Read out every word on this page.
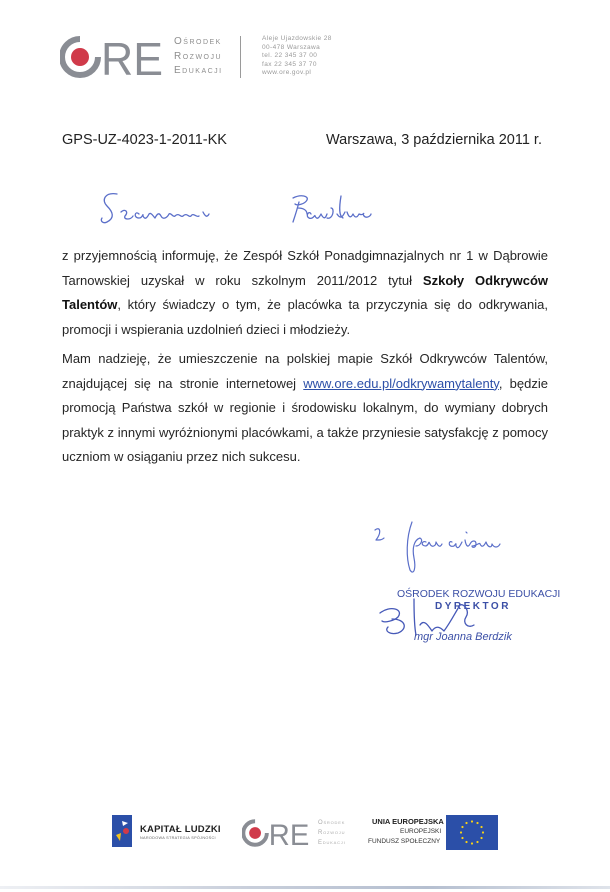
RE Ośrodek
Rozwoju
Edukacji
Aleje Ujazdowskie 28
00-478 Warszawa
tel. 22 345 37 00
fax 22 345 37 70
www.ore.gov.pl
GPS-UZ-4023-1-2011-KK	Warszawa, 3 października 2011 r.
z przyjemnością informuję, że Zespół Szkół Ponadgimnazjalnych nr 1 w Dąbrowie Tarnowskiej uzyskał w roku szkolnym 2011/2012 tytuł Szkoły Odkrywców Talentów, który świadczy o tym, że placówka ta przyczynia się do odkrywania, promocji i wspierania uzdolnień dzieci i młodzieży.
Mam nadzieję, że umieszczenie na polskiej mapie Szkół Odkrywców Talentów, znajdującej się na stronie internetowej www.ore.edu.pl/odkrywamytalenty, będzie promocją Państwa szkół w regionie i środowisku lokalnym, do wymiany dobrych praktyk z innymi wyróżnionymi placówkami, a także przyniesie satysfakcję z pomocy uczniom w osiąganiu przez nich sukcesu.
OŚRODEK ROZWOJU EDUKACJI
DYREKTOR
mgr Joanna Berdzik
KAPITAŁ LUDZKI
NARODOWA STRATEGIA SPÓJNOŚCI RE Ośrodek
Rozwoju
Edukacji
UNIA EUROPEJSKA
EUROPEJSKI
FUNDUSZ SPOŁECZNY
